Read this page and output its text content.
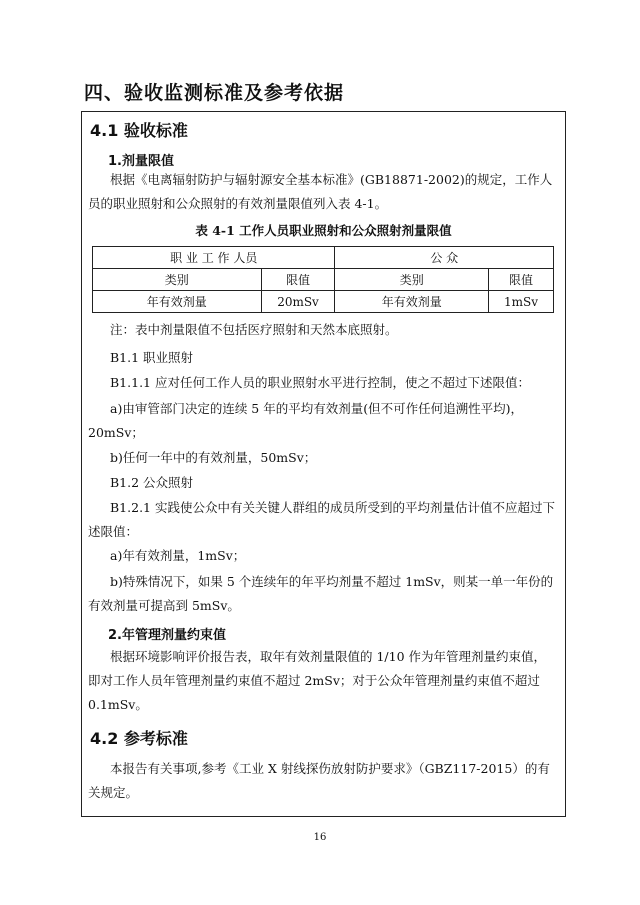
四、验收监测标准及参考依据
4.1 验收标准
1.剂量限值

根据《电离辐射防护与辐射源安全基本标准》(GB18871-2002)的规定，工作人员的职业照射和公众照射的有效剂量限值列入表 4-1。

表 4-1 工作人员职业照射和公众照射剂量限值

职 业 工 作 人员		公 众	
类别	限值	类别	限值
年有效剂量	20mSv	年有效剂量	1mSv

注：表中剂量限值不包括医疗照射和天然本底照射。

B1.1 职业照射

B1.1.1 应对任何工作人员的职业照射水平进行控制，使之不超过下述限值：

a)由审管部门决定的连续 5 年的平均有效剂量(但不可作任何追溯性平均)，20mSv；

b)任何一年中的有效剂量，50mSv；

B1.2 公众照射

B1.2.1 实践使公众中有关关键人群组的成员所受到的平均剂量估计值不应超过下述限值：

a)年有效剂量，1mSv；

b)特殊情况下，如果 5 个连续年的年平均剂量不超过 1mSv，则某一单一年份的有效剂量可提高到 5mSv。

2.年管理剂量约束值

根据环境影响评价报告表，取年有效剂量限值的 1/10 作为年管理剂量约束值，即对工作人员年管理剂量约束值不超过 2mSv；对于公众年管理剂量约束值不超过 0.1mSv。

4.2 参考标准

本报告有关事项,参考《工业 X 射线探伤放射防护要求》（GBZ117-2015）的有关规定。

16
